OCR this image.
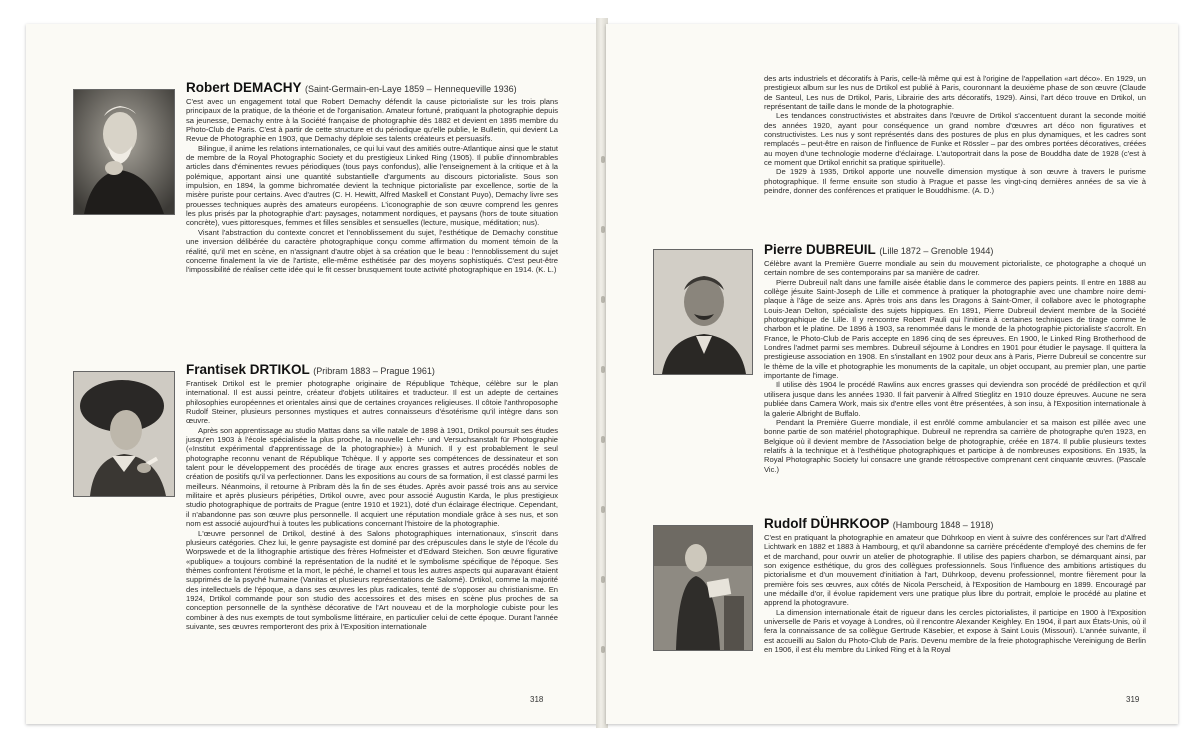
Robert DEMACHY (Saint-Germain-en-Laye 1859 – Hennequeville 1936)

C'est avec un engagement total que Robert Demachy défendit la cause pictorialiste sur les trois plans principaux de la pratique, de la théorie et de l'organisation. Amateur fortuné, pratiquant la photographie depuis sa jeunesse, Demachy entre à la Société française de photographie dès 1882 et devient en 1895 membre du Photo-Club de Paris. C'est à partir de cette structure et du périodique qu'elle publie, le Bulletin, qui devient La Revue de Photographie en 1903, que Demachy déploie ses talents créateurs et persuasifs.

Bilingue, il anime les relations internationales, ce qui lui vaut des amitiés outre-Atlantique ainsi que le statut de membre de la Royal Photographic Society et du prestigieux Linked Ring (1905). Il publie d'innombrables articles dans d'éminentes revues périodiques (tous pays confondus), allie l'enseignement à la critique et à la polémique, apportant ainsi une quantité substantielle d'arguments au discours pictorialiste. Sous son impulsion, en 1894, la gomme bichromatée devient la technique pictorialiste par excellence, sortie de la misère puriste pour certains. Avec d'autres (C. H. Hewitt, Alfred Maskell et Constant Puyo), Demachy livre ses prouesses techniques auprès des amateurs européens. L'iconographie de son œuvre comprend les genres les plus prisés par la photographie d'art: paysages, notamment nordiques, et paysans (hors de toute situation concrète), vues pittoresques, femmes et filles sensibles et sensuelles (lecture, musique, méditation; nus).

Visant l'abstraction du contexte concret et l'ennoblissement du sujet, l'esthétique de Demachy constitue une inversion délibérée du caractère photographique conçu comme affirmation du moment témoin de la réalité, qu'il met en scène, en n'assignant d'autre objet à sa création que le beau : l'ennoblissement du sujet concerne finalement la vie de l'artiste, elle-même esthétisée par des moyens sophistiqués. C'est peut-être l'impossibilité de réaliser cette idée qui le fit cesser brusquement toute activité photographique en 1914. (K. L.)

Frantisek DRTIKOL (Pribram 1883 – Prague 1961)

Frantisek Drtikol est le premier photographe originaire de République Tchèque, célèbre sur le plan international. Il est aussi peintre, créateur d'objets utilitaires et traducteur. Il est un adepte de certaines philosophies européennes et orientales ainsi que de certaines croyances religieuses. Il côtoie l'anthroposophe Rudolf Steiner, plusieurs personnes mystiques et autres connaisseurs d'ésotérisme qu'il intègre dans son œuvre.

Après son apprentissage au studio Mattas dans sa ville natale de 1898 à 1901, Drtikol poursuit ses études jusqu'en 1903 à l'école spécialisée la plus proche, la nouvelle Lehr- und Versuchsanstalt für Photographie («Institut expérimental d'apprentissage de la photographie») à Munich. Il y est probablement le seul photographe reconnu venant de République Tchèque. Il y apporte ses compétences de dessinateur et son talent pour le développement des procédés de tirage aux encres grasses et autres procédés nobles de création de positifs qu'il va perfectionner. Dans les expositions au cours de sa formation, il est classé parmi les meilleurs. Néanmoins, il retourne à Pribram dès la fin de ses études. Après avoir passé trois ans au service militaire et après plusieurs péripéties, Drtikol ouvre, avec pour associé Augustin Karda, le plus prestigieux studio photographique de portraits de Prague (entre 1910 et 1921), doté d'un éclairage électrique. Cependant, il n'abandonne pas son œuvre plus personnelle. Il acquiert une réputation mondiale grâce à ses nus, et son nom est associé aujourd'hui à toutes les publications concernant l'histoire de la photographie.

L'œuvre personnel de Drtikol, destiné à des Salons photographiques internationaux, s'inscrit dans plusieurs catégories. Chez lui, le genre paysagiste est dominé par des crépuscules dans le style de l'école du Worpswede et de la lithographie artistique des frères Hofmeister et d'Edward Steichen. Son œuvre figurative «publique» a toujours combiné la représentation de la nudité et le symbolisme spécifique de l'époque. Ses thèmes confrontent l'érotisme et la mort, le péché, le charnel et tous les autres aspects qui auparavant étaient supprimés de la psyché humaine (Vanitas et plusieurs représentations de Salomé). Drtikol, comme la majorité des intellectuels de l'époque, a dans ses œuvres les plus radicales, tenté de s'opposer au christianisme. En 1924, Drtikol commande pour son studio des accessoires et des mises en scène plus proches de sa conception personnelle de la synthèse décorative de l'Art nouveau et de la morphologie cubiste pour les combiner à des nus exempts de tout symbolisme littéraire, en particulier celui de cette époque. Durant l'année suivante, ses œuvres remporteront des prix à l'Exposition internationale

318

des arts industriels et décoratifs à Paris, celle-là même qui est à l'origine de l'appellation «art déco». En 1929, un prestigieux album sur les nus de Drtikol est publié à Paris, couronnant la deuxième phase de son œuvre (Claude de Santeul, Les nus de Drtikol, Paris, Librairie des arts décoratifs, 1929). Ainsi, l'art déco trouve en Drtikol, un représentant de taille dans le monde de la photographie.

Les tendances constructivistes et abstraites dans l'œuvre de Drtikol s'accentuent durant la seconde moitié des années 1920, ayant pour conséquence un grand nombre d'œuvres art déco non figuratives et constructivistes. Les nus y sont représentés dans des postures de plus en plus dynamiques, et les cadres sont remplacés – peut-être en raison de l'influence de Funke et Rössler – par des ombres portées décoratives, créées au moyen d'une technologie moderne d'éclairage. L'autoportrait dans la pose de Bouddha date de 1928 (c'est à ce moment que Drtikol enrichit sa pratique spirituelle).

De 1929 à 1935, Drtikol apporte une nouvelle dimension mystique à son œuvre à travers le purisme photographique. Il ferme ensuite son studio à Prague et passe les vingt-cinq dernières années de sa vie à peindre, donner des conférences et pratiquer le Bouddhisme. (A. D.)

Pierre DUBREUIL (Lille 1872 – Grenoble 1944)

Célèbre avant la Première Guerre mondiale au sein du mouvement pictorialiste, ce photographe a choqué un certain nombre de ses contemporains par sa manière de cadrer.

Pierre Dubreuil naît dans une famille aisée établie dans le commerce des papiers peints. Il entre en 1888 au collège jésuite Saint-Joseph de Lille et commence à pratiquer la photographie avec une chambre noire demi-plaque à l'âge de seize ans. Après trois ans dans les Dragons à Saint-Omer, il collabore avec le photographe Louis-Jean Delton, spécialiste des sujets hippiques. En 1891, Pierre Dubreuil devient membre de la Société photographique de Lille. Il y rencontre Robert Pauli qui l'initiera à certaines techniques de tirage comme le charbon et le platine. De 1896 à 1903, sa renommée dans le monde de la photographie pictorialiste s'accroît. En France, le Photo-Club de Paris accepte en 1896 cinq de ses épreuves. En 1900, le Linked Ring Brotherhood de Londres l'admet parmi ses membres. Dubreuil séjourne à Londres en 1901 pour étudier le paysage. Il quittera la prestigieuse association en 1908. En s'installant en 1902 pour deux ans à Paris, Pierre Dubreuil se concentre sur le thème de la ville et photographie les monuments de la capitale, un objet occupant, au premier plan, une partie importante de l'image.

Il utilise dès 1904 le procédé Rawlins aux encres grasses qui deviendra son procédé de prédilection et qu'il utilisera jusque dans les années 1930. Il fait parvenir à Alfred Stieglitz en 1910 douze épreuves. Aucune ne sera publiée dans Camera Work, mais six d'entre elles vont être présentées, à son insu, à l'Exposition internationale à la galerie Albright de Buffalo.

Pendant la Première Guerre mondiale, il est enrôlé comme ambulancier et sa maison est pillée avec une bonne partie de son matériel photographique. Dubreuil ne reprendra sa carrière de photographe qu'en 1923, en Belgique où il devient membre de l'Association belge de photographie, créée en 1874. Il publie plusieurs textes relatifs à la technique et à l'esthétique photographiques et participe à de nombreuses expositions. En 1935, la Royal Photographic Society lui consacre une grande rétrospective comprenant cent cinquante œuvres. (Pascale Vic.)

Rudolf DÜHRKOOP (Hambourg 1848 – 1918)

C'est en pratiquant la photographie en amateur que Dührkoop en vient à suivre des conférences sur l'art d'Alfred Lichtwark en 1882 et 1883 à Hambourg, et qu'il abandonne sa carrière précédente d'employé des chemins de fer et de marchand, pour ouvrir un atelier de photographie. Il utilise des papiers charbon, se démarquant ainsi, par son exigence esthétique, du gros des collègues professionnels. Sous l'influence des ambitions artistiques du pictorialisme et d'un mouvement d'initiation à l'art, Dührkoop, devenu professionnel, montre fièrement pour la première fois ses œuvres, aux côtés de Nicola Perscheid, à l'Exposition de Hambourg en 1899. Encouragé par une médaille d'or, il évolue rapidement vers une pratique plus libre du portrait, emploie le procédé au platine et apprend la photogravure.

La dimension internationale était de rigueur dans les cercles pictorialistes, il participe en 1900 à l'Exposition universelle de Paris et voyage à Londres, où il rencontre Alexander Keighley. En 1904, il part aux États-Unis, où il fera la connaissance de sa collègue Gertrude Käsebier, et expose à Saint Louis (Missouri). L'année suivante, il est accueilli au Salon du Photo-Club de Paris. Devenu membre de la freie photographische Vereinigung de Berlin en 1906, il est élu membre du Linked Ring et à la Royal

319
